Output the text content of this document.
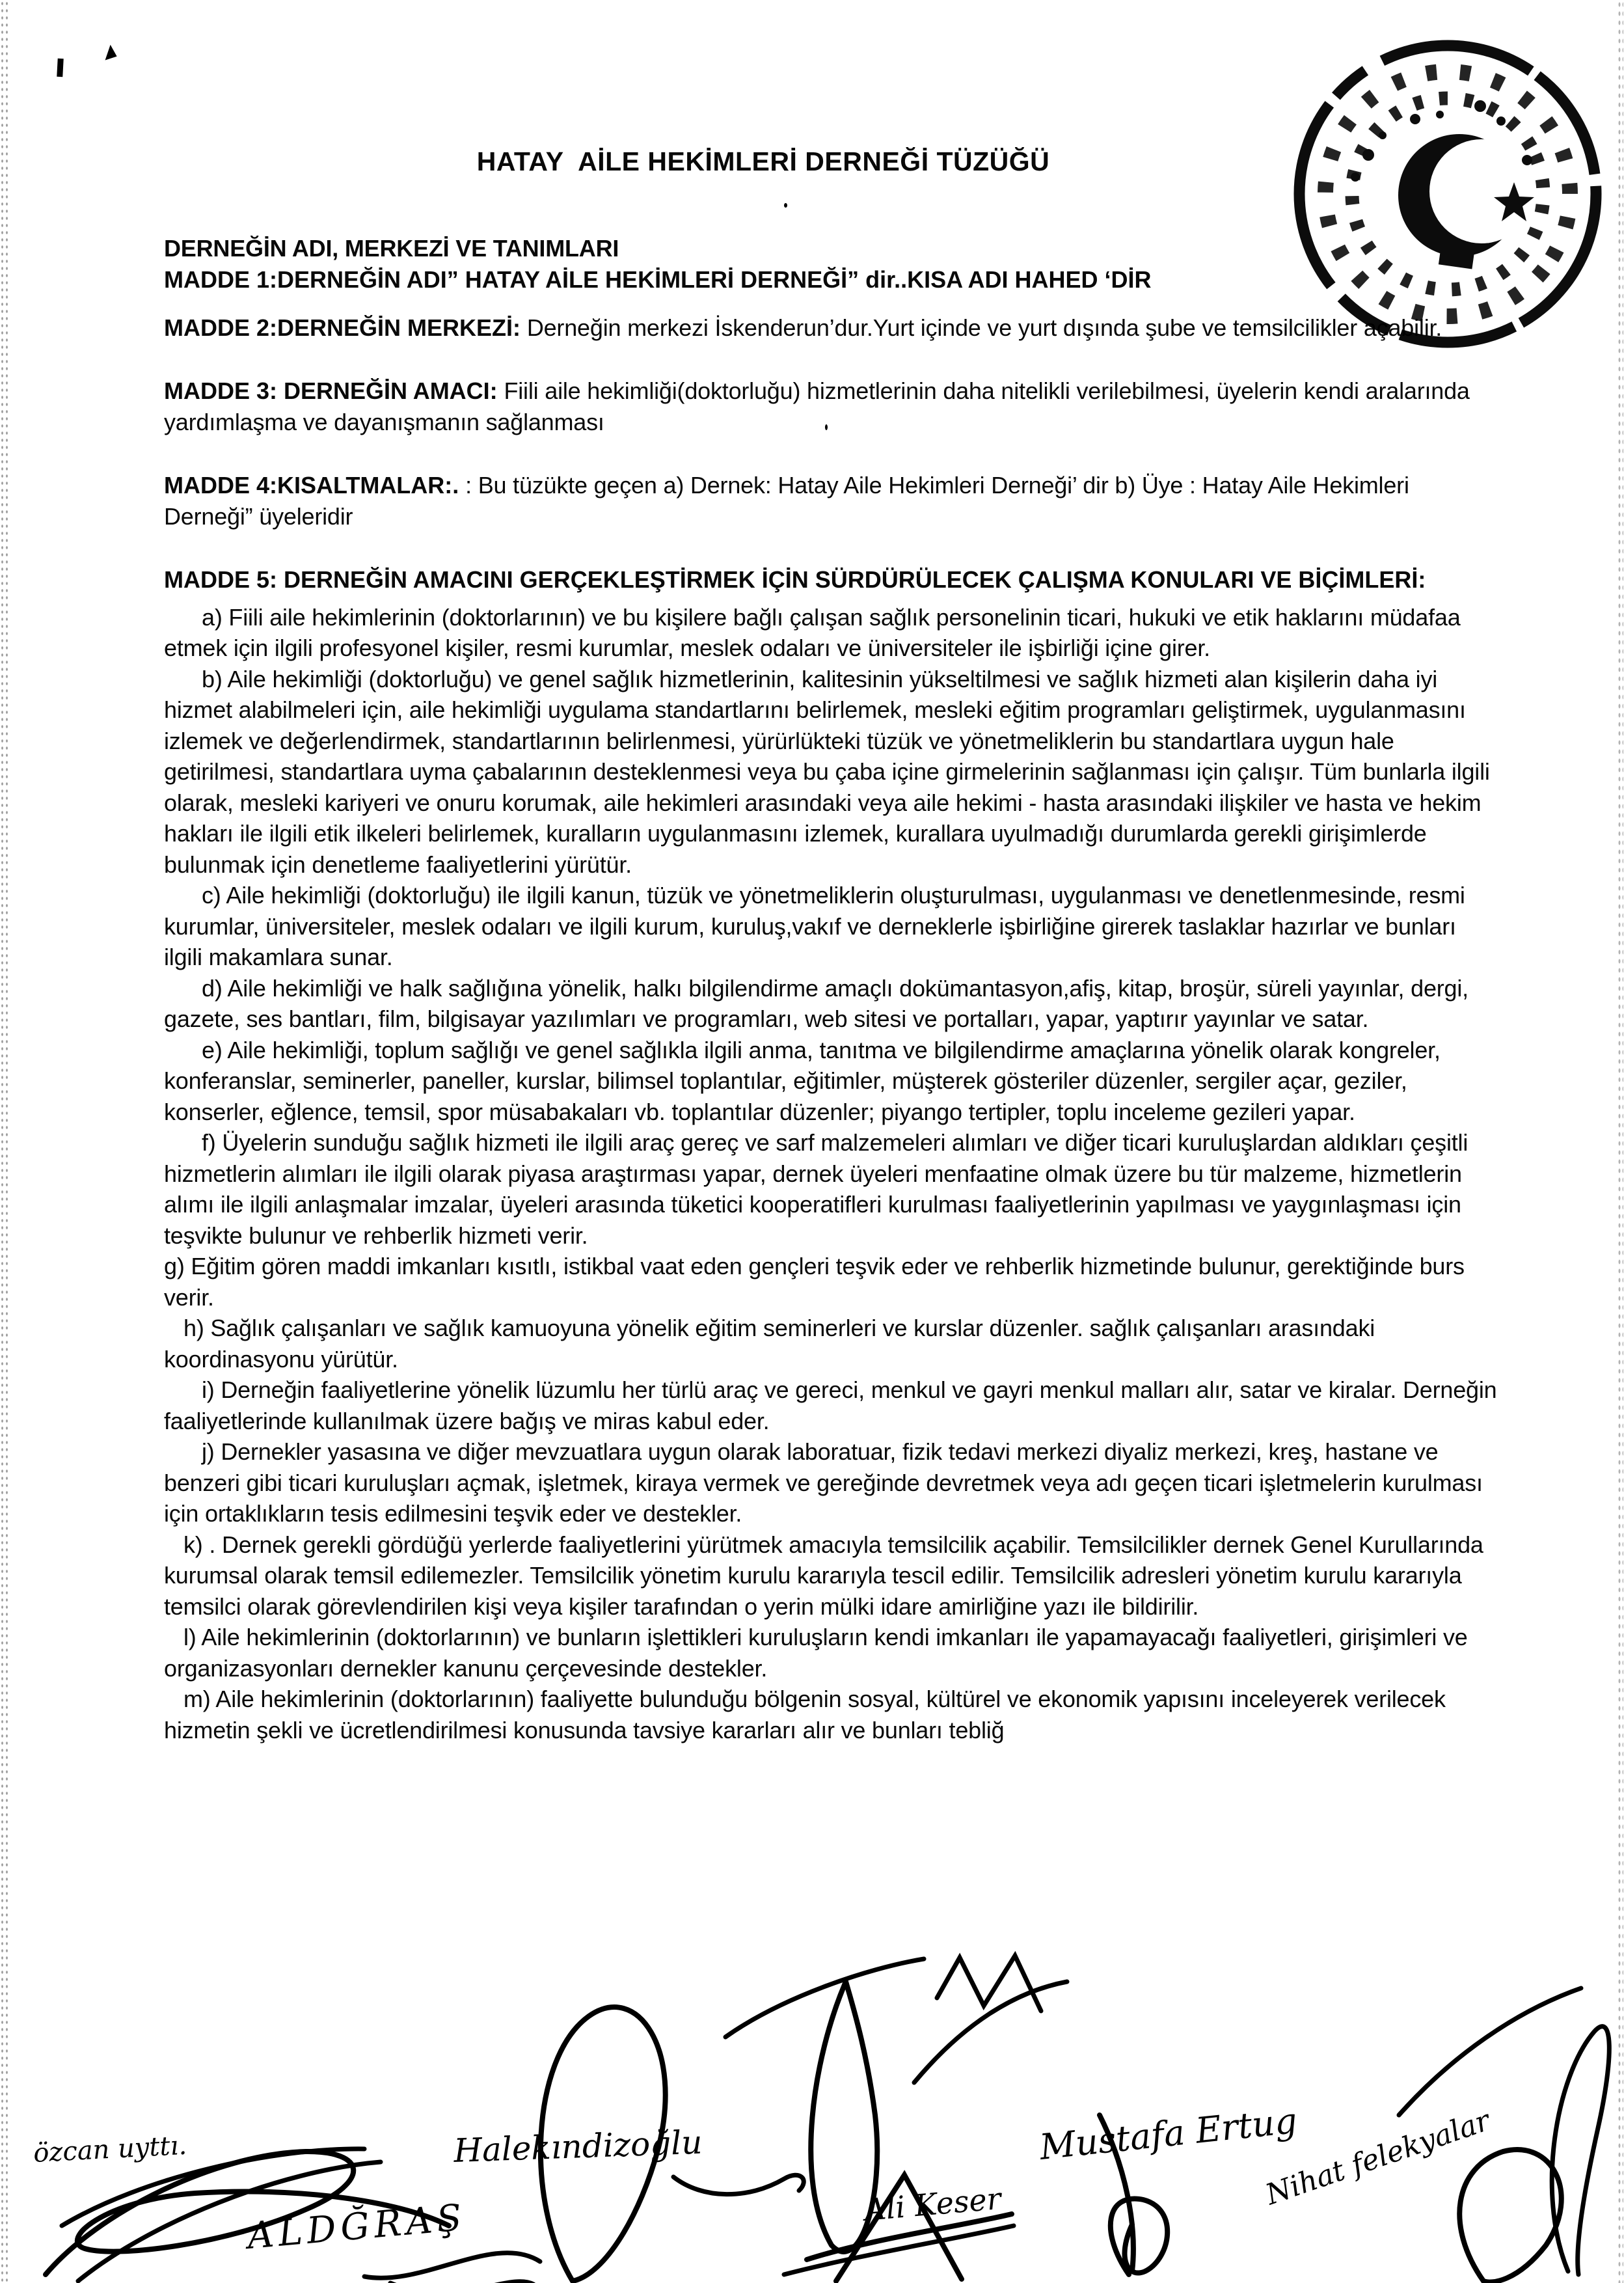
HATAY  AİLE HEKİMLERİ DERNEĞİ TÜZÜĞÜ

DERNEĞİN ADI, MERKEZİ VE TANIMLARI

MADDE 1:DERNEĞİN ADI” HATAY AİLE HEKİMLERİ DERNEĞİ” dir..KISA ADI HAHED ‘DİR

MADDE 2:DERNEĞİN MERKEZİ: Derneğin merkezi İskenderun’dur.Yurt içinde ve yurt dışında şube ve temsilcilikler açabilir.

MADDE 3: DERNEĞİN AMACI: Fiili aile hekimliği(doktorluğu) hizmetlerinin daha nitelikli verilebilmesi, üyelerin kendi aralarında yardımlaşma ve dayanışmanın sağlanması

MADDE 4:KISALTMALAR:. : Bu tüzükte geçen a) Dernek: Hatay Aile Hekimleri Derneği’ dir b) Üye : Hatay Aile Hekimleri Derneği” üyeleridir

MADDE 5: DERNEĞİN AMACINI GERÇEKLEŞTİRMEK İÇİN SÜRDÜRÜLECEK ÇALIŞMA KONULARI VE BİÇİMLERİ:

a) Fiili aile hekimlerinin (doktorlarının) ve bu kişilere bağlı çalışan sağlık personelinin ticari, hukuki ve etik haklarını müdafaa etmek için ilgili profesyonel kişiler, resmi kurumlar, meslek odaları ve üniversiteler ile işbirliği içine girer.

b) Aile hekimliği (doktorluğu) ve genel sağlık hizmetlerinin, kalitesinin yükseltilmesi ve sağlık hizmeti alan kişilerin daha iyi hizmet alabilmeleri için, aile hekimliği uygulama standartlarını belirlemek, mesleki eğitim programları geliştirmek, uygulanmasını izlemek ve değerlendirmek, standartlarının belirlenmesi, yürürlükteki tüzük ve yönetmeliklerin bu standartlara uygun hale getirilmesi, standartlara uyma çabalarının desteklenmesi veya bu çaba içine girmelerinin sağlanması için çalışır. Tüm bunlarla ilgili olarak, mesleki kariyeri ve onuru korumak, aile hekimleri arasındaki veya aile hekimi - hasta arasındaki ilişkiler ve hasta ve hekim hakları ile ilgili etik ilkeleri belirlemek, kuralların uygulanmasını izlemek, kurallara uyulmadığı durumlarda gerekli girişimlerde bulunmak için denetleme faaliyetlerini yürütür.

c) Aile hekimliği (doktorluğu) ile ilgili kanun, tüzük ve yönetmeliklerin oluşturulması, uygulanması ve denetlenmesinde, resmi kurumlar, üniversiteler, meslek odaları ve ilgili kurum, kuruluş,vakıf ve derneklerle işbirliğine girerek taslaklar hazırlar ve bunları ilgili makamlara sunar.

d) Aile hekimliği ve halk sağlığına yönelik, halkı bilgilendirme amaçlı dokümantasyon,afiş, kitap, broşür, süreli yayınlar, dergi, gazete, ses bantları, film, bilgisayar yazılımları ve programları, web sitesi ve portalları, yapar, yaptırır yayınlar ve satar.

e) Aile hekimliği, toplum sağlığı ve genel sağlıkla ilgili anma, tanıtma ve bilgilendirme amaçlarına yönelik olarak kongreler, konferanslar, seminerler, paneller, kurslar, bilimsel toplantılar, eğitimler, müşterek gösteriler düzenler, sergiler açar, geziler, konserler, eğlence, temsil, spor müsabakaları vb. toplantılar düzenler; piyango tertipler, toplu inceleme gezileri yapar.

f) Üyelerin sunduğu sağlık hizmeti ile ilgili araç gereç ve sarf malzemeleri alımları ve diğer ticari kuruluşlardan aldıkları çeşitli hizmetlerin alımları ile ilgili olarak piyasa araştırması yapar, dernek üyeleri menfaatine olmak üzere bu tür malzeme, hizmetlerin alımı ile ilgili anlaşmalar imzalar, üyeleri arasında tüketici kooperatifleri kurulması faaliyetlerinin yapılması ve yaygınlaşması için teşvikte bulunur ve rehberlik hizmeti verir.

g) Eğitim gören maddi imkanları kısıtlı, istikbal vaat eden gençleri teşvik eder ve rehberlik hizmetinde bulunur, gerektiğinde burs verir.

h) Sağlık çalışanları ve sağlık kamuoyuna yönelik eğitim seminerleri ve kurslar düzenler. sağlık çalışanları arasındaki koordinasyonu yürütür.

i) Derneğin faaliyetlerine yönelik lüzumlu her türlü araç ve gereci, menkul ve gayri menkul malları alır, satar ve kiralar. Derneğin faaliyetlerinde kullanılmak üzere bağış ve miras kabul eder.

j) Dernekler yasasına ve diğer mevzuatlara uygun olarak laboratuar, fizik tedavi merkezi diyaliz merkezi, kreş, hastane ve benzeri gibi ticari kuruluşları açmak, işletmek, kiraya vermek ve gereğinde devretmek veya adı geçen ticari işletmelerin kurulması için ortaklıkların tesis edilmesini teşvik eder ve destekler.

k) . Dernek gerekli gördüğü yerlerde faaliyetlerini yürütmek amacıyla temsilcilik açabilir. Temsilcilikler dernek Genel Kurullarında kurumsal olarak temsil edilemezler. Temsilcilik yönetim kurulu kararıyla tescil edilir. Temsilcilik adresleri yönetim kurulu kararıyla temsilci olarak görevlendirilen kişi veya kişiler tarafından o yerin mülki idare amirliğine yazı ile bildirilir.

l) Aile hekimlerinin (doktorlarının) ve bunların işlettikleri kuruluşların kendi imkanları ile yapamayacağı faaliyetleri, girişimleri ve organizasyonları dernekler kanunu çerçevesinde destekler.

m) Aile hekimlerinin (doktorlarının) faaliyette bulunduğu bölgenin sosyal, kültürel ve ekonomik yapısını inceleyerek verilecek hizmetin şekli ve ücretlendirilmesi konusunda tavsiye kararları alır ve bunları tebliğ

özcan uyttı.
ALDĞRAŞ
Halekındizoğlu
Ali Keser
Mustafa Ertug
Nihat felekyalar
